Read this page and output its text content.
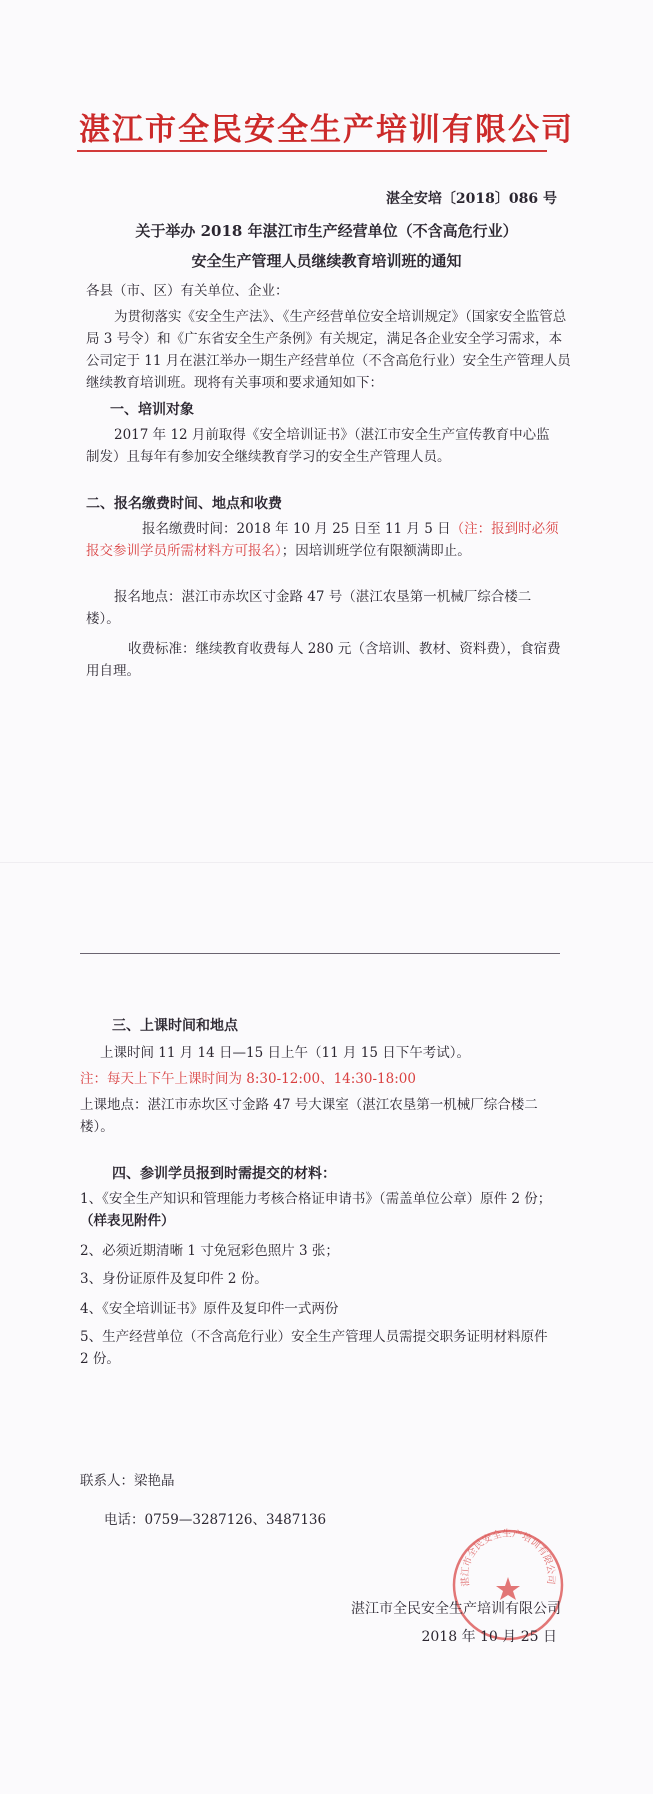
湛江市全民安全生产培训有限公司
湛全安培〔2018〕086 号
关于举办 2018 年湛江市生产经营单位（不含高危行业）
安全生产管理人员继续教育培训班的通知
各县（市、区）有关单位、企业：
为贯彻落实《安全生产法》、《生产经营单位安全培训规定》（国家安全监管总局 3 号令）和《广东省安全生产条例》有关规定，满足各企业安全学习需求，本公司定于 11 月在湛江举办一期生产经营单位（不含高危行业）安全生产管理人员继续教育培训班。现将有关事项和要求通知如下：
一、培训对象
2017 年 12 月前取得《安全培训证书》（湛江市安全生产宣传教育中心监制发）且每年有参加安全继续教育学习的安全生产管理人员。
二、报名缴费时间、地点和收费
报名缴费时间：2018 年 10 月 25 日至 11 月 5 日（注：报到时必须报交参训学员所需材料方可报名）；因培训班学位有限额满即止。
报名地点：湛江市赤坎区寸金路 47 号（湛江农垦第一机械厂综合楼二楼）。
收费标准：继续教育收费每人 280 元（含培训、教材、资料费），食宿费用自理。
三、上课时间和地点
上课时间 11 月 14 日—15 日上午（11 月 15 日下午考试）。
注：每天上下午上课时间为 8:30-12:00、14:30-18:00
上课地点：湛江市赤坎区寸金路 47 号大课室（湛江农垦第一机械厂综合楼二楼）。
四、参训学员报到时需提交的材料：
1、《安全生产知识和管理能力考核合格证申请书》（需盖单位公章）原件 2 份；（样表见附件）
2、必须近期清晰 1 寸免冠彩色照片 3 张；
3、身份证原件及复印件 2 份。
4、《安全培训证书》原件及复印件一式两份
5、生产经营单位（不含高危行业）安全生产管理人员需提交职务证明材料原件 2 份。
联系人：梁艳晶
电话：0759—3287126、3487136
湛江市全民安全生产培训有限公司
湛江市全民安全生产培训有限公司
2018 年 10 月 25 日
